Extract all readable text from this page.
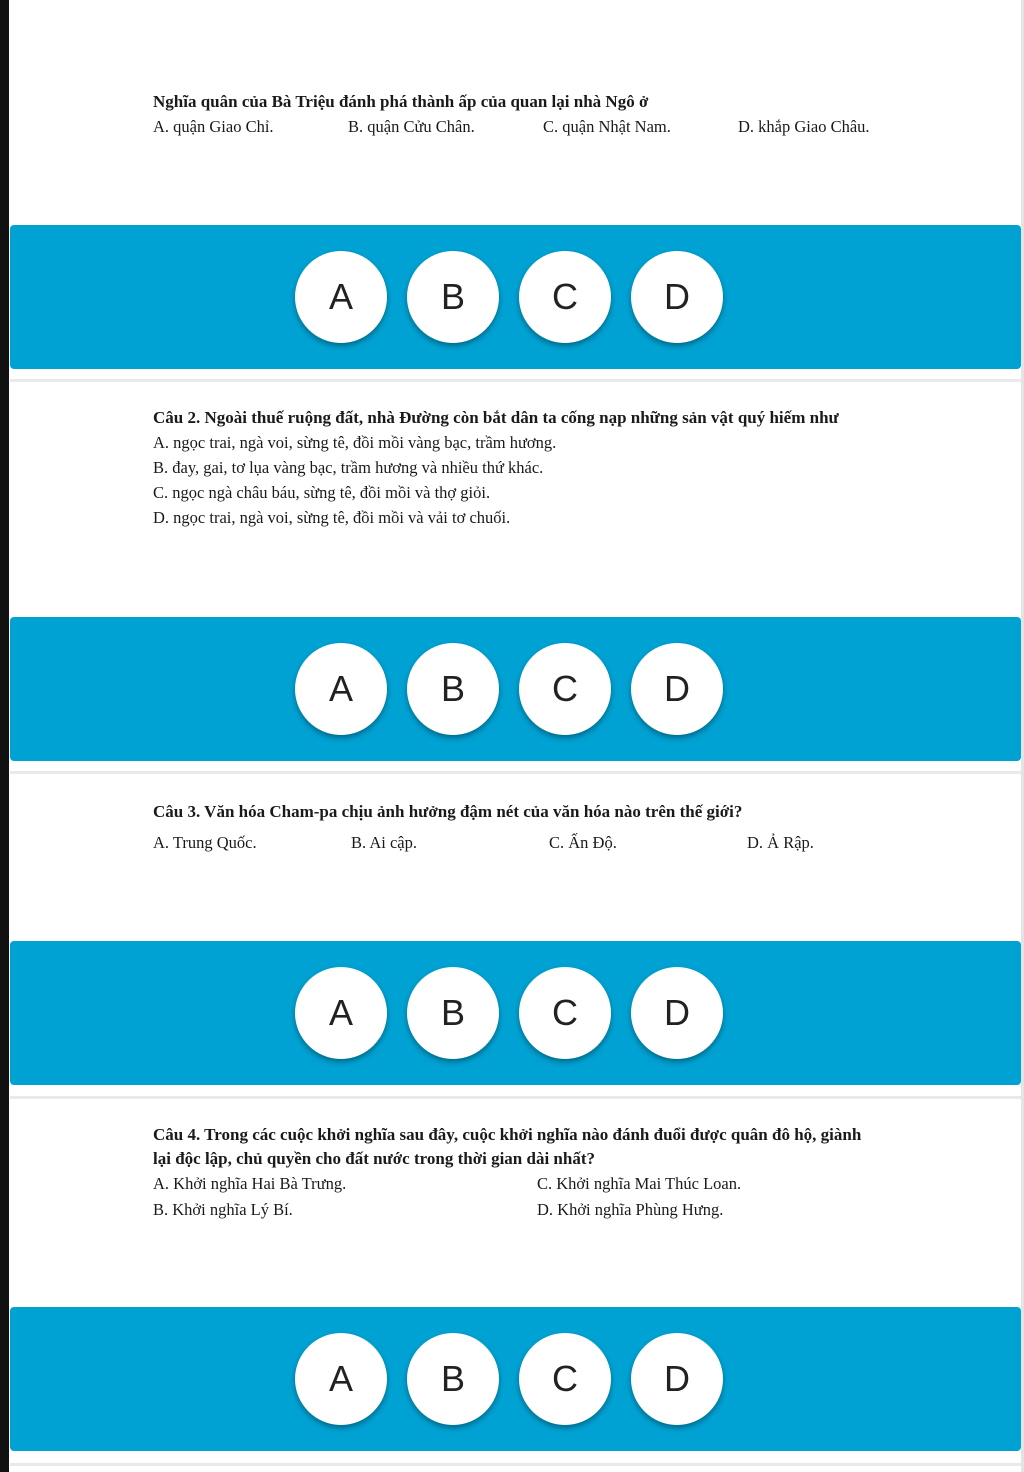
Nghĩa quân của Bà Triệu đánh phá thành ấp của quan lại nhà Ngô ở

A. quận Giao Chỉ.	B. quận Cửu Chân.	C. quận Nhật Nam.	D. khắp Giao Châu.
A	B	C	D

Câu 2. Ngoài thuế ruộng đất, nhà Đường còn bắt dân ta cống nạp những sản vật quý hiếm như

A. ngọc trai, ngà voi, sừng tê, đồi mồi vàng bạc, trầm hương.

B. đay, gai, tơ lụa vàng bạc, trầm hương và nhiều thứ khác.

C. ngọc ngà châu báu, sừng tê, đồi mồi và thợ giỏi.

D. ngọc trai, ngà voi, sừng tê, đồi mồi và vải tơ chuối.

A	B	C	D

Câu 3. Văn hóa Cham-pa chịu ảnh hưởng đậm nét của văn hóa nào trên thế giới?

A. Trung Quốc.	B. Ai cập.	C. Ấn Độ.	D. Ả Rập.
A	B	C	D

Câu 4. Trong các cuộc khởi nghĩa sau đây, cuộc khởi nghĩa nào đánh đuổi được quân đô hộ, giành

lại độc lập, chủ quyền cho đất nước trong thời gian dài nhất?

A. Khởi nghĩa Hai Bà Trưng.	C. Khởi nghĩa Mai Thúc Loan.
B. Khởi nghĩa Lý Bí.	D. Khởi nghĩa Phùng Hưng.
A	B	C	D
